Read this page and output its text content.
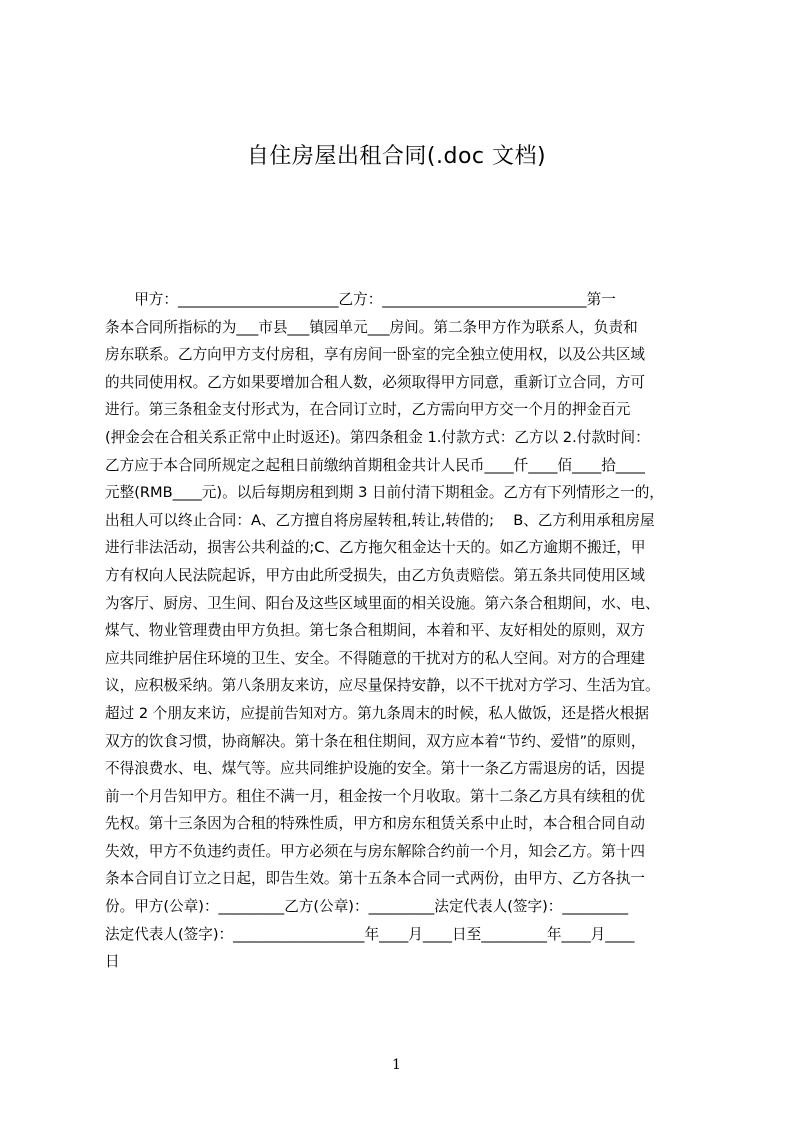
自住房屋出租合同(.doc 文档)
　　甲方：______________________乙方：____________________________第一
条本合同所指标的为___市县___镇园单元___房间。第二条甲方作为联系人，负责和
房东联系。乙方向甲方支付房租，享有房间一卧室的完全独立使用权，以及公共区域
的共同使用权。乙方如果要增加合租人数，必须取得甲方同意，重新订立合同，方可
进行。第三条租金支付形式为，在合同订立时，乙方需向甲方交一个月的押金百元
(押金会在合租关系正常中止时返还)。第四条租金 1.付款方式：乙方以 2.付款时间：
乙方应于本合同所规定之起租日前缴纳首期租金共计人民币____仟____佰____拾____
元整(RMB____元)。以后每期房租到期 3 日前付清下期租金。乙方有下列情形之一的，
出租人可以终止合同：A、乙方擅自将房屋转租,转让,转借的;　 B、乙方利用承租房屋
进行非法活动，损害公共利益的;C、乙方拖欠租金达十天的。如乙方逾期不搬迁，甲
方有权向人民法院起诉，甲方由此所受损失，由乙方负责赔偿。第五条共同使用区域
为客厅、厨房、卫生间、阳台及这些区域里面的相关设施。第六条合租期间，水、电、
煤气、物业管理费由甲方负担。第七条合租期间，本着和平、友好相处的原则，双方
应共同维护居住环境的卫生、安全。不得随意的干扰对方的私人空间。对方的合理建
议，应积极采纳。第八条朋友来访，应尽量保持安静，以不干扰对方学习、生活为宜。
超过 2 个朋友来访，应提前告知对方。第九条周末的时候，私人做饭，还是搭火根据
双方的饮食习惯，协商解决。第十条在租住期间，双方应本着“节约、爱惜”的原则，
不得浪费水、电、煤气等。应共同维护设施的安全。第十一条乙方需退房的话，因提
前一个月告知甲方。租住不满一月，租金按一个月收取。第十二条乙方具有续租的优
先权。第十三条因为合租的特殊性质，甲方和房东租赁关系中止时，本合租合同自动
失效，甲方不负违约责任。甲方必须在与房东解除合约前一个月，知会乙方。第十四
条本合同自订立之日起，即告生效。第十五条本合同一式两份，由甲方、乙方各执一
份。甲方(公章)：_________乙方(公章)：_________法定代表人(签字)：_________
法定代表人(签字)：__________________年____月____日至_________年____月____
日
1
